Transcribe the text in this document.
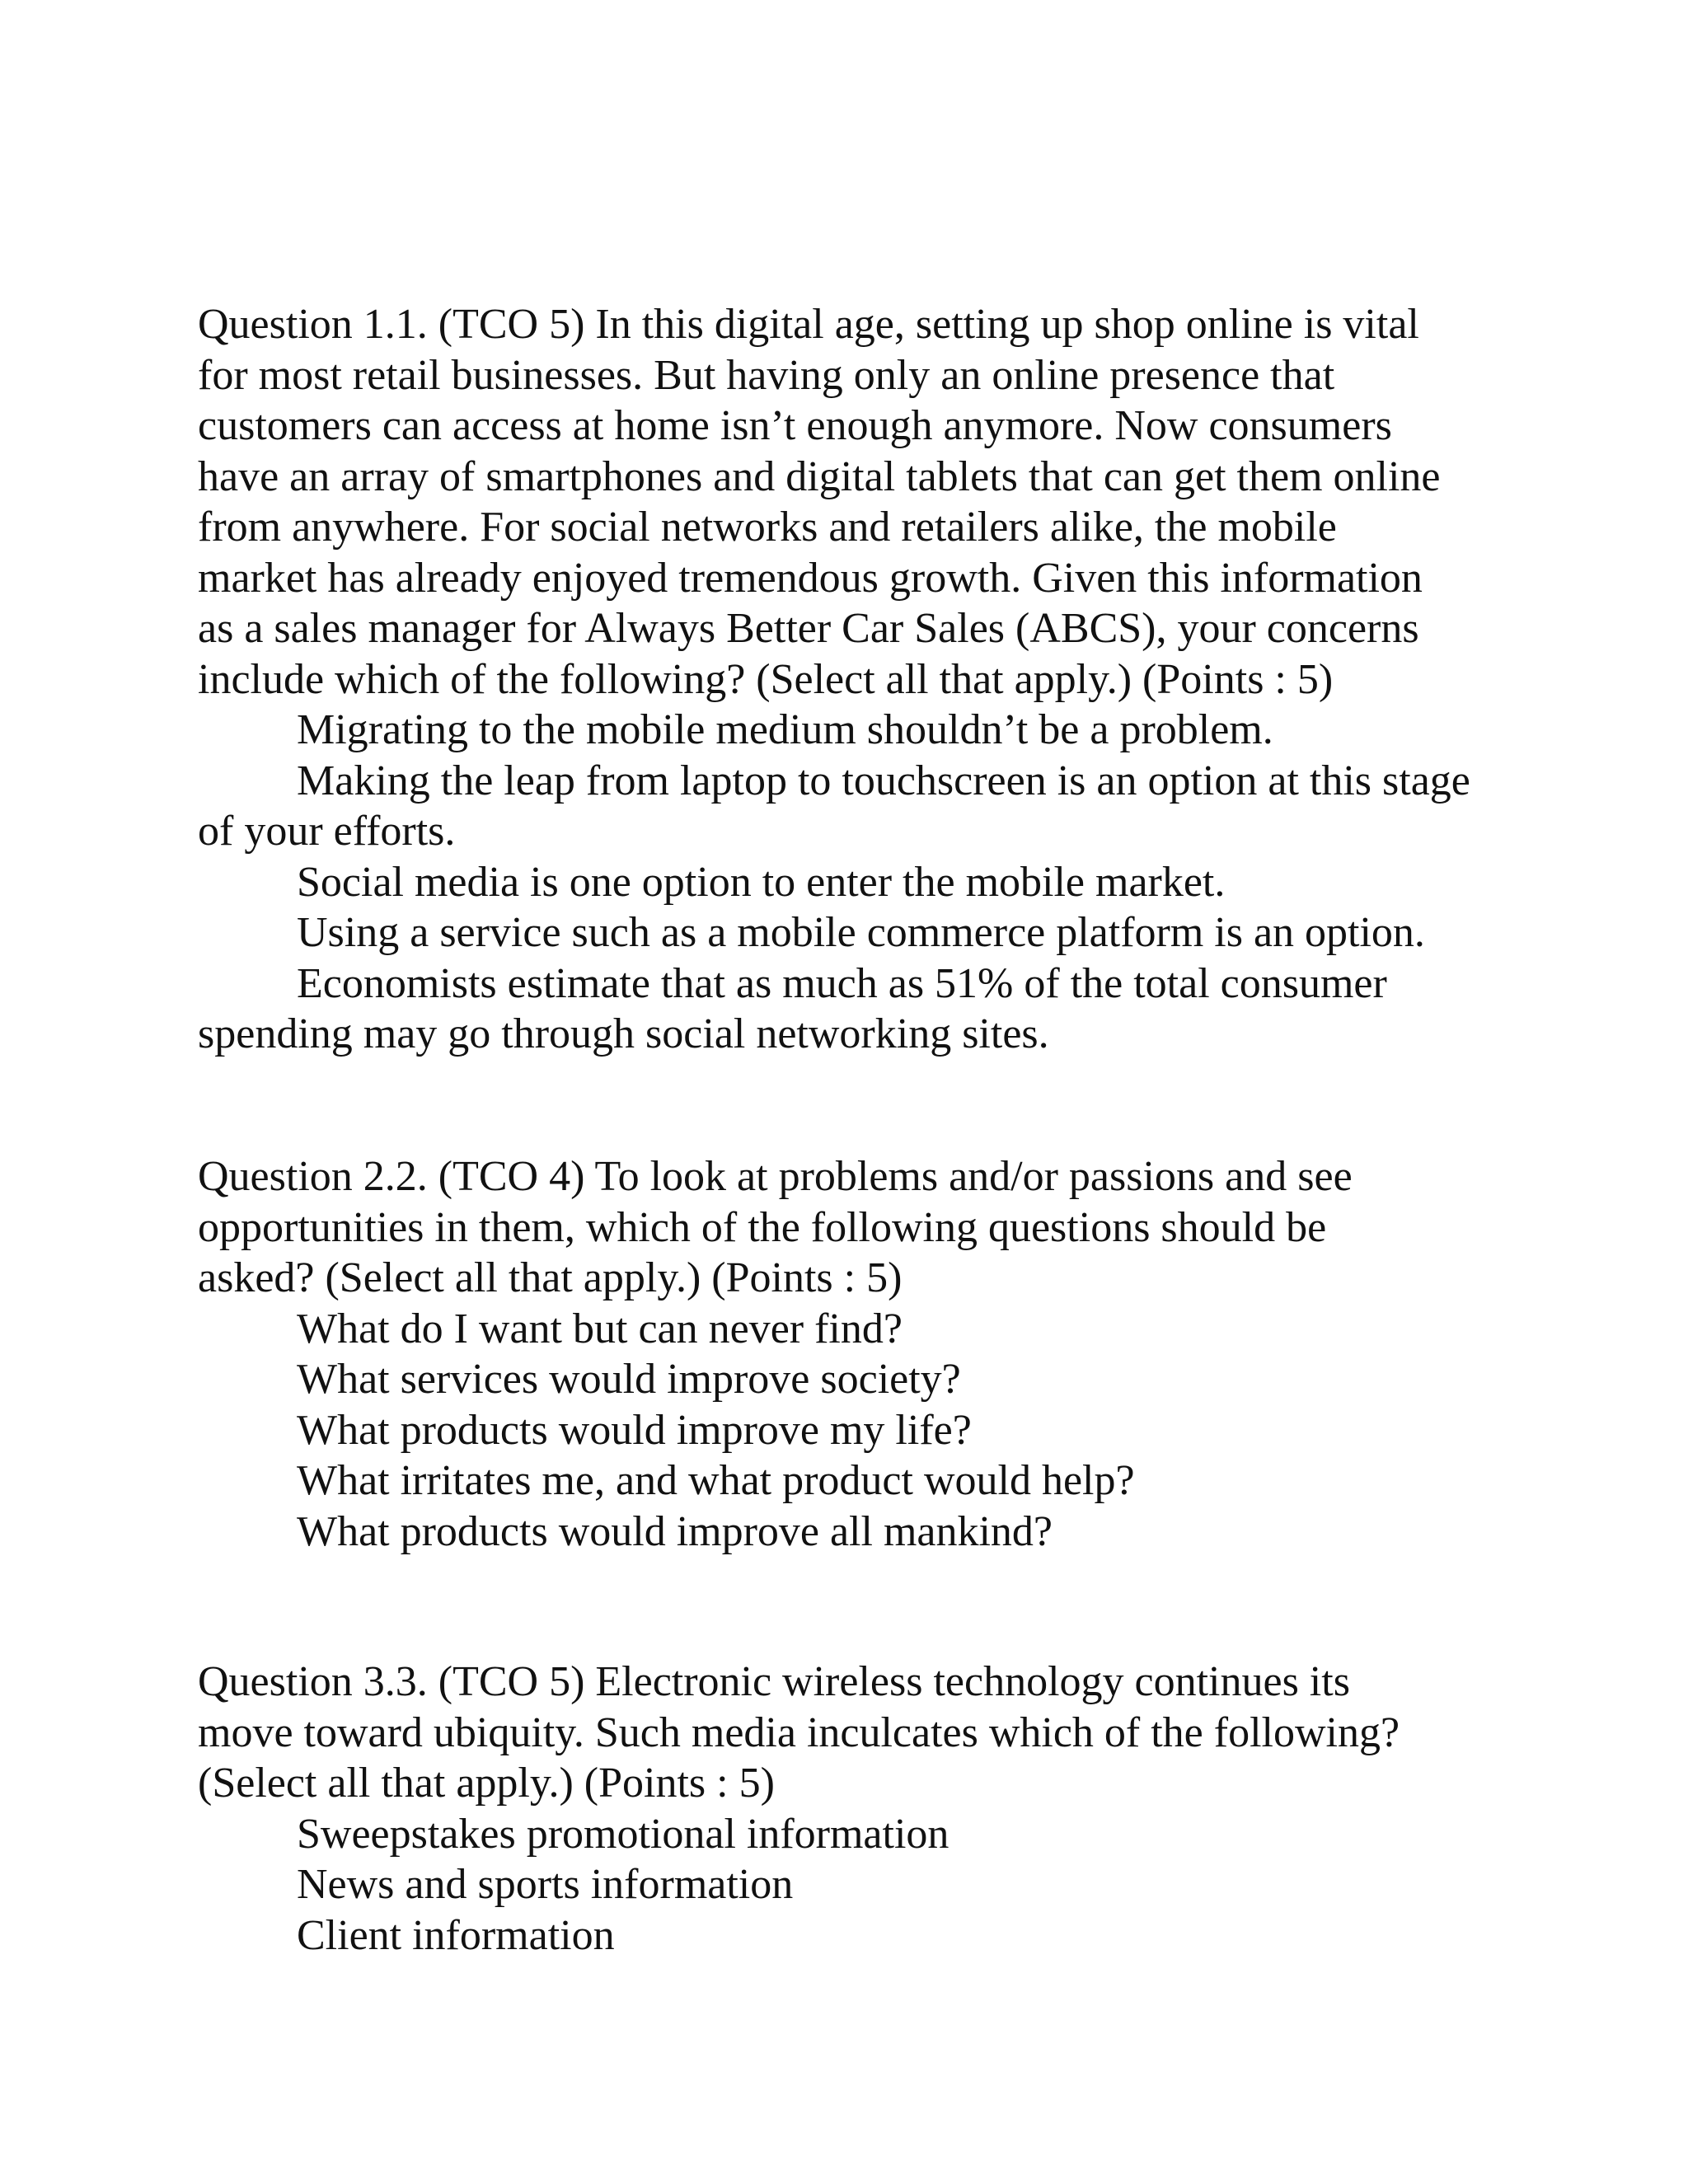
Question 1.1. (TCO 5) In this digital age, setting up shop online is vital
for most retail businesses. But having only an online presence that
customers can access at home isn’t enough anymore. Now consumers
have an array of smartphones and digital tablets that can get them online
from anywhere. For social networks and retailers alike, the mobile
market has already enjoyed tremendous growth. Given this information
as a sales manager for Always Better Car Sales (ABCS), your concerns
include which of the following? (Select all that apply.) (Points : 5)

Migrating to the mobile medium shouldn’t be a problem.
Making the leap from laptop to touchscreen is an option at this stage of your efforts.
Social media is one option to enter the mobile market.
Using a service such as a mobile commerce platform is an option.
Economists estimate that as much as 51% of the total consumer spending may go through social networking sites.

Question 2.2. (TCO 4) To look at problems and/or passions and see
opportunities in them, which of the following questions should be
asked? (Select all that apply.) (Points : 5)

What do I want but can never find?
What services would improve society?
What products would improve my life?
What irritates me, and what product would help?
What products would improve all mankind?

Question 3.3. (TCO 5) Electronic wireless technology continues its
move toward ubiquity. Such media inculcates which of the following?
(Select all that apply.) (Points : 5)

Sweepstakes promotional information
News and sports information
Client information
